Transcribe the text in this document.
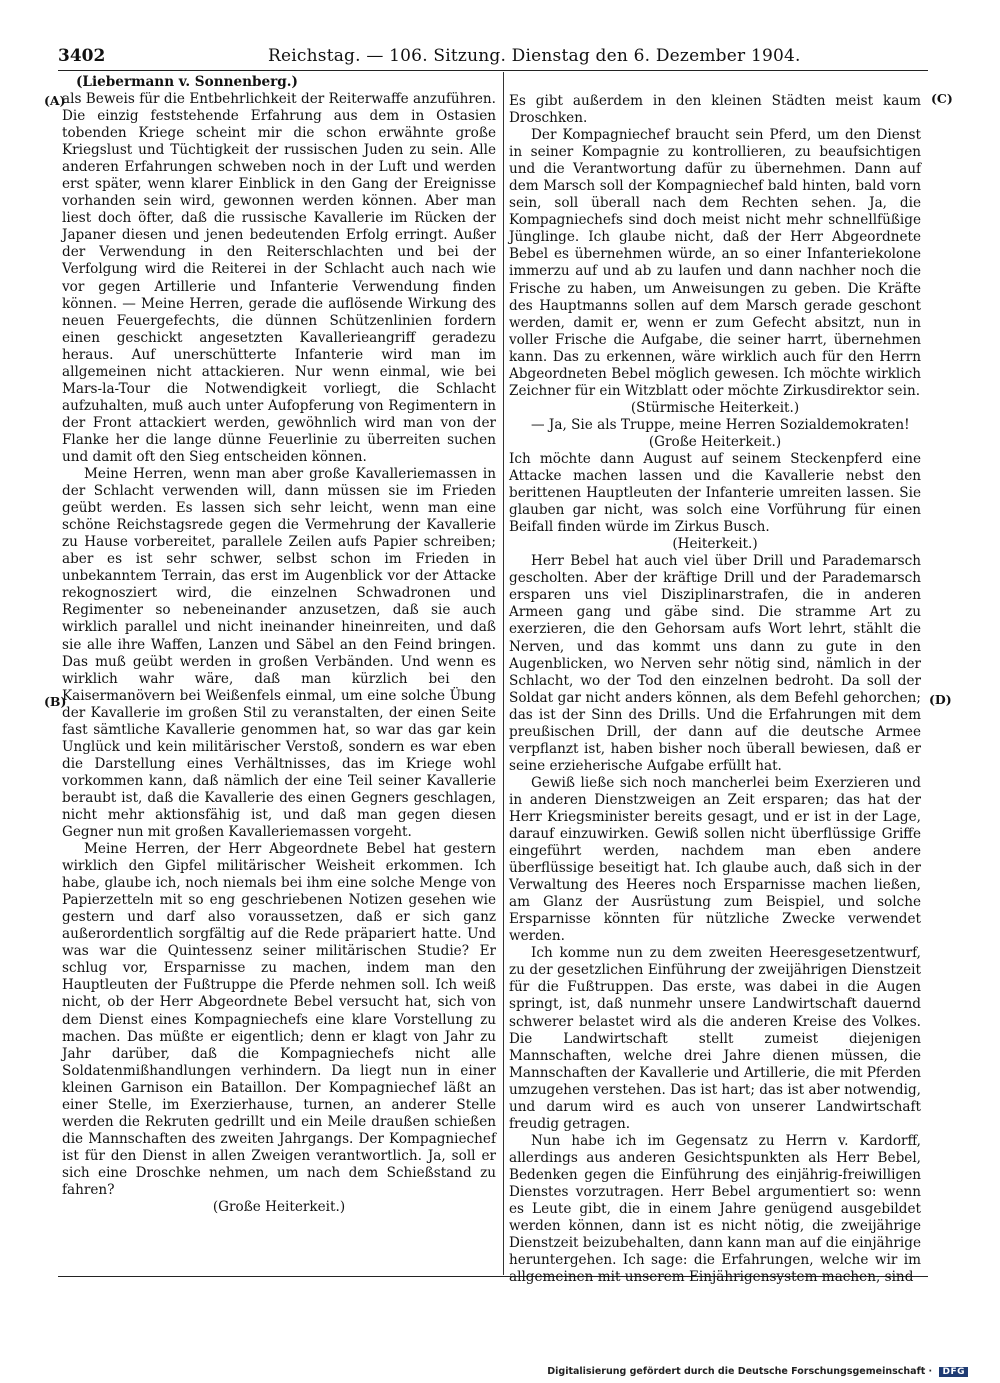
3402	Reichstag. — 106. Sitzung. Dienstag den 6. Dezember 1904.
(Liebermann v. Sonnenberg.)
(A)
(B)
(C)
(D)

als Beweis für die Entbehrlichkeit der Reiterwaffe anzuführen. Die einzig feststehende Erfahrung aus dem in Ostasien tobenden Kriege scheint mir die schon erwähnte große Kriegslust und Tüchtigkeit der russischen Juden zu sein. Alle anderen Erfahrungen schweben noch in der Luft und werden erst später, wenn klarer Einblick in den Gang der Ereignisse vorhanden sein wird, gewonnen werden können. Aber man liest doch öfter, daß die russische Kavallerie im Rücken der Japaner diesen und jenen bedeutenden Erfolg erringt. Außer der Verwendung in den Reiterschlachten und bei der Verfolgung wird die Reiterei in der Schlacht auch nach wie vor gegen Artillerie und Infanterie Verwendung finden können. — Meine Herren, gerade die auflösende Wirkung des neuen Feuergefechts, die dünnen Schützenlinien fordern einen geschickt angesetzten Kavallerieangriff geradezu heraus. Auf unerschütterte Infanterie wird man im allgemeinen nicht attackieren. Nur wenn einmal, wie bei Mars-la-Tour die Notwendigkeit vorliegt, die Schlacht aufzuhalten, muß auch unter Aufopferung von Regimentern in der Front attackiert werden, gewöhnlich wird man von der Flanke her die lange dünne Feuerlinie zu überreiten suchen und damit oft den Sieg entscheiden können.

Meine Herren, wenn man aber große Kavalleriemassen in der Schlacht verwenden will, dann müssen sie im Frieden geübt werden. Es lassen sich sehr leicht, wenn man eine schöne Reichstagsrede gegen die Vermehrung der Kavallerie zu Hause vorbereitet, parallele Zeilen aufs Papier schreiben; aber es ist sehr schwer, selbst schon im Frieden in unbekanntem Terrain, das erst im Augenblick vor der Attacke rekognosziert wird, die einzelnen Schwadronen und Regimenter so nebeneinander anzusetzen, daß sie auch wirklich parallel und nicht ineinander hineinreiten, und daß sie alle ihre Waffen, Lanzen und Säbel an den Feind bringen. Das muß geübt werden in großen Verbänden. Und wenn es wirklich wahr wäre, daß man kürzlich bei den Kaisermanövern bei Weißenfels einmal, um eine solche Übung der Kavallerie im großen Stil zu veranstalten, der einen Seite fast sämtliche Kavallerie genommen hat, so war das gar kein Unglück und kein militärischer Verstoß, sondern es war eben die Darstellung eines Verhältnisses, das im Kriege wohl vorkommen kann, daß nämlich der eine Teil seiner Kavallerie beraubt ist, daß die Kavallerie des einen Gegners geschlagen, nicht mehr aktionsfähig ist, und daß man gegen diesen Gegner nun mit großen Kavalleriemassen vorgeht.

Meine Herren, der Herr Abgeordnete Bebel hat gestern wirklich den Gipfel militärischer Weisheit erkommen. Ich habe, glaube ich, noch niemals bei ihm eine solche Menge von Papierzetteln mit so eng geschriebenen Notizen gesehen wie gestern und darf also voraussetzen, daß er sich ganz außerordentlich sorgfältig auf die Rede präpariert hatte. Und was war die Quintessenz seiner militärischen Studie? Er schlug vor, Ersparnisse zu machen, indem man den Hauptleuten der Fußtruppe die Pferde nehmen soll. Ich weiß nicht, ob der Herr Abgeordnete Bebel versucht hat, sich von dem Dienst eines Kompagniechefs eine klare Vorstellung zu machen. Das müßte er eigentlich; denn er klagt von Jahr zu Jahr darüber, daß die Kompagniechefs nicht alle Soldatenmißhandlungen verhindern. Da liegt nun in einer kleinen Garnison ein Bataillon. Der Kompagniechef läßt an einer Stelle, im Exerzierhause, turnen, an anderer Stelle werden die Rekruten gedrillt und ein Meile draußen schießen die Mannschaften des zweiten Jahrgangs. Der Kompagniechef ist für den Dienst in allen Zweigen verantwortlich. Ja, soll er sich eine Droschke nehmen, um nach dem Schießstand zu fahren?

(Große Heiterkeit.)

Es gibt außerdem in den kleinen Städten meist kaum Droschken.

Der Kompagniechef braucht sein Pferd, um den Dienst in seiner Kompagnie zu kontrollieren, zu beaufsichtigen und die Verantwortung dafür zu übernehmen. Dann auf dem Marsch soll der Kompagniechef bald hinten, bald vorn sein, soll überall nach dem Rechten sehen. Ja, die Kompagniechefs sind doch meist nicht mehr schnellfüßige Jünglinge. Ich glaube nicht, daß der Herr Abgeordnete Bebel es übernehmen würde, an so einer Infanteriekolone immerzu auf und ab zu laufen und dann nachher noch die Frische zu haben, um Anweisungen zu geben. Die Kräfte des Hauptmanns sollen auf dem Marsch gerade geschont werden, damit er, wenn er zum Gefecht absitzt, nun in voller Frische die Aufgabe, die seiner harrt, übernehmen kann. Das zu erkennen, wäre wirklich auch für den Herrn Abgeordneten Bebel möglich gewesen. Ich möchte wirklich Zeichner für ein Witzblatt oder möchte Zirkusdirektor sein.

(Stürmische Heiterkeit.)

— Ja, Sie als Truppe, meine Herren Sozialdemokraten!

(Große Heiterkeit.)

Ich möchte dann August auf seinem Steckenpferd eine Attacke machen lassen und die Kavallerie nebst den berittenen Hauptleuten der Infanterie umreiten lassen. Sie glauben gar nicht, was solch eine Vorführung für einen Beifall finden würde im Zirkus Busch.

(Heiterkeit.)

Herr Bebel hat auch viel über Drill und Parademarsch gescholten. Aber der kräftige Drill und der Parademarsch ersparen uns viel Disziplinarstrafen, die in anderen Armeen gang und gäbe sind. Die stramme Art zu exerzieren, die den Gehorsam aufs Wort lehrt, stählt die Nerven, und das kommt uns dann zu gute in den Augenblicken, wo Nerven sehr nötig sind, nämlich in der Schlacht, wo der Tod den einzelnen bedroht. Da soll der Soldat gar nicht anders können, als dem Befehl gehorchen; das ist der Sinn des Drills. Und die Erfahrungen mit dem preußischen Drill, der dann auf die deutsche Armee verpflanzt ist, haben bisher noch überall bewiesen, daß er seine erzieherische Aufgabe erfüllt hat.

Gewiß ließe sich noch mancherlei beim Exerzieren und in anderen Dienstzweigen an Zeit ersparen; das hat der Herr Kriegsminister bereits gesagt, und er ist in der Lage, darauf einzuwirken. Gewiß sollen nicht überflüssige Griffe eingeführt werden, nachdem man eben andere überflüssige beseitigt hat. Ich glaube auch, daß sich in der Verwaltung des Heeres noch Ersparnisse machen ließen, am Glanz der Ausrüstung zum Beispiel, und solche Ersparnisse könnten für nützliche Zwecke verwendet werden.

Ich komme nun zu dem zweiten Heeresgesetzentwurf, zu der gesetzlichen Einführung der zweijährigen Dienstzeit für die Fußtruppen. Das erste, was dabei in die Augen springt, ist, daß nunmehr unsere Landwirtschaft dauernd schwerer belastet wird als die anderen Kreise des Volkes. Die Landwirtschaft stellt zumeist diejenigen Mannschaften, welche drei Jahre dienen müssen, die Mannschaften der Kavallerie und Artillerie, die mit Pferden umzugehen verstehen. Das ist hart; das ist aber notwendig, und darum wird es auch von unserer Landwirtschaft freudig getragen.

Nun habe ich im Gegensatz zu Herrn v. Kardorff, allerdings aus anderen Gesichtspunkten als Herr Bebel, Bedenken gegen die Einführung des einjährig-freiwilligen Dienstes vorzutragen. Herr Bebel argumentiert so: wenn es Leute gibt, die in einem Jahre genügend ausgebildet werden können, dann ist es nicht nötig, die zweijährige Dienstzeit beizubehalten, dann kann man auf die einjährige heruntergehen. Ich sage: die Erfahrungen, welche wir im allgemeinen mit unserem Einjährigensystem machen, sind

Digitalisierung gefördert durch die Deutsche Forschungsgemeinschaft · DFG
